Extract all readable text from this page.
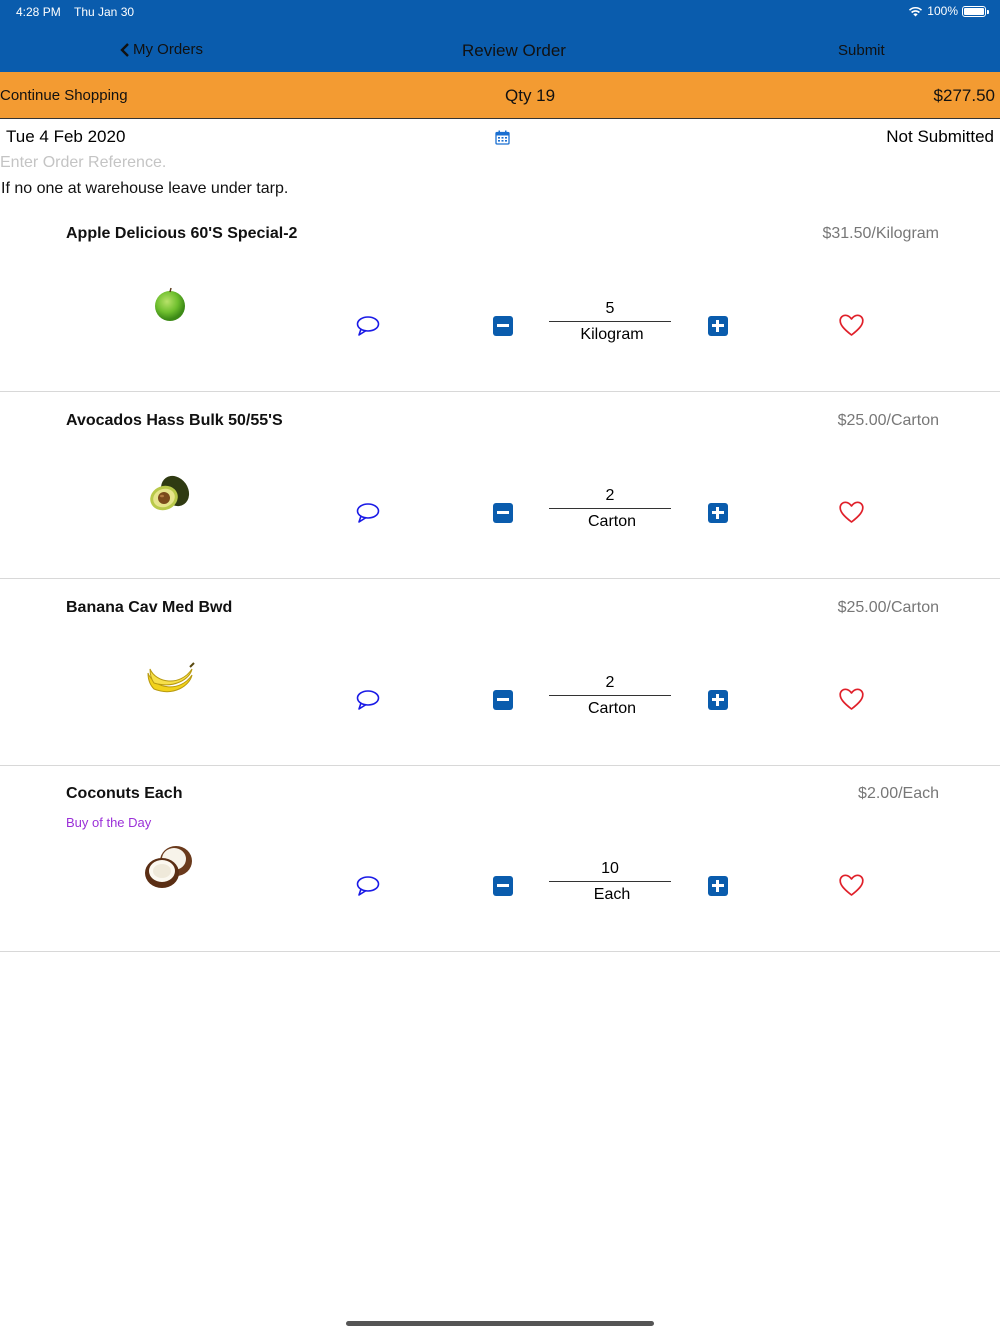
4:28 PM Thu Jan 30	100%
My Orders	Review Order	Submit
Continue Shopping	Qty 19	$277.50
Tue 4 Feb 2020	Not Submitted
Enter Order Reference.
If no one at warehouse leave under tarp.
Apple Delicious 60'S Special-2	$31.50/Kilogram
5
Kilogram
Avocados Hass Bulk 50/55'S	$25.00/Carton
2
Carton
Banana Cav Med Bwd	$25.00/Carton
2
Carton
Coconuts Each	$2.00/Each
Buy of the Day
10
Each
